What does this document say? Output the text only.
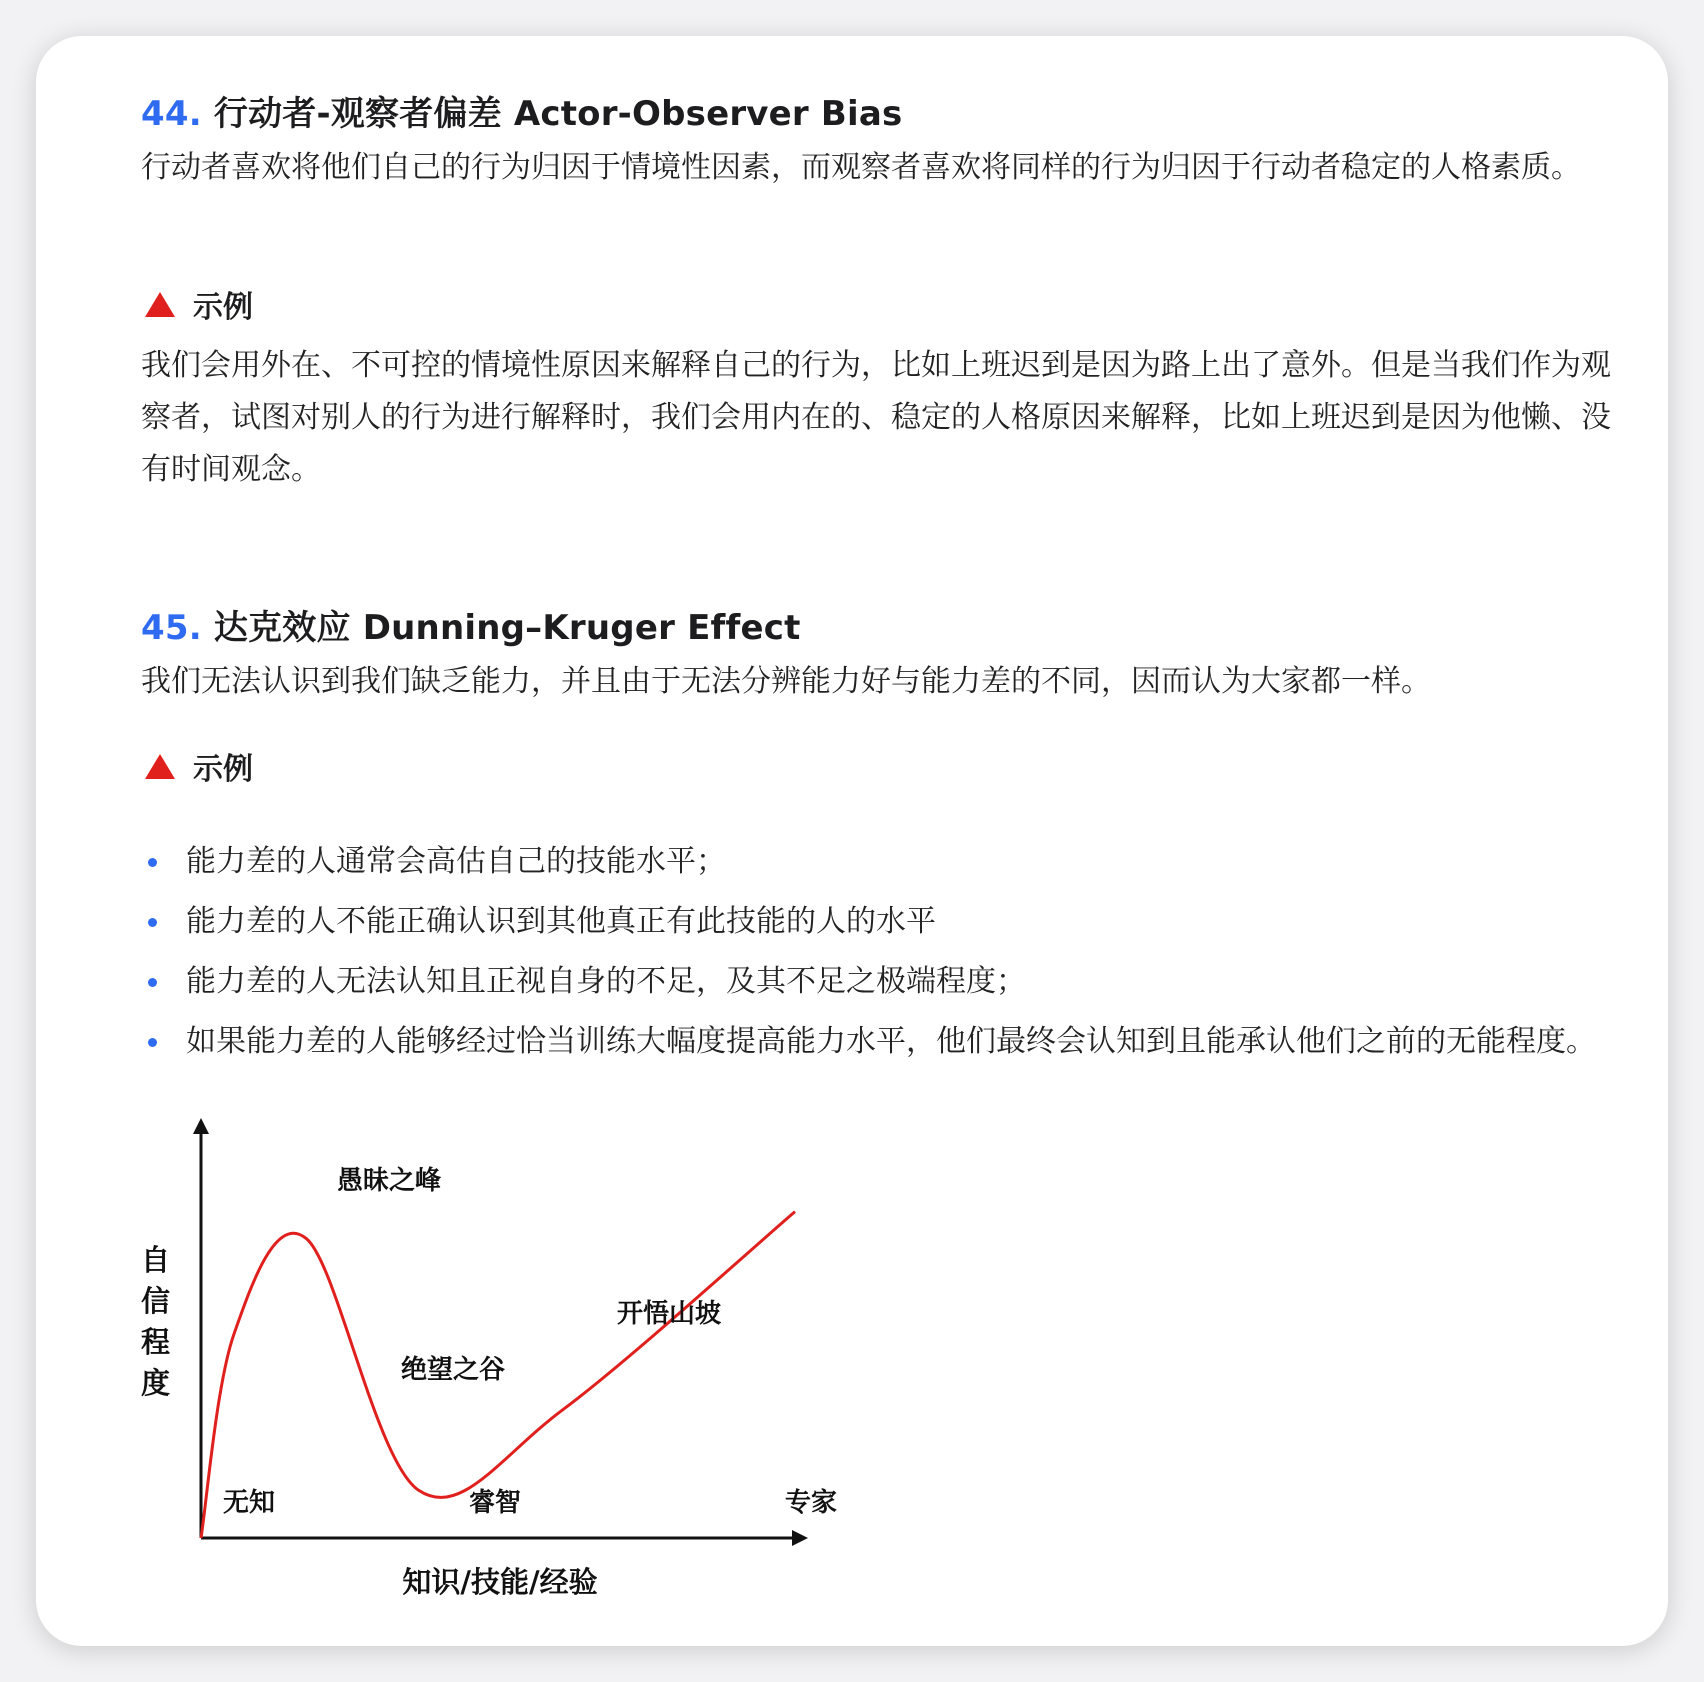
44. 行动者-观察者偏差 Actor-Observer Bias
行动者喜欢将他们自己的行为归因于情境性因素，而观察者喜欢将同样的行为归因于行动者稳定的人格素质。
示例
我们会用外在、不可控的情境性原因来解释自己的行为，比如上班迟到是因为路上出了意外。但是当我们作为观察者，试图对别人的行为进行解释时，我们会用内在的、稳定的人格原因来解释，比如上班迟到是因为他懒、没有时间观念。
45. 达克效应 Dunning–Kruger Effect
我们无法认识到我们缺乏能力，并且由于无法分辨能力好与能力差的不同，因而认为大家都一样。
示例
能力差的人通常会高估自己的技能水平；
能力差的人不能正确认识到其他真正有此技能的人的水平
能力差的人无法认知且正视自身的不足，及其不足之极端程度；
如果能力差的人能够经过恰当训练大幅度提高能力水平，他们最终会认知到且能承认他们之前的无能程度。
自
信
程
度
知识/技能/经验
无知	睿智	专家
愚昧之峰
绝望之谷
开悟山坡
